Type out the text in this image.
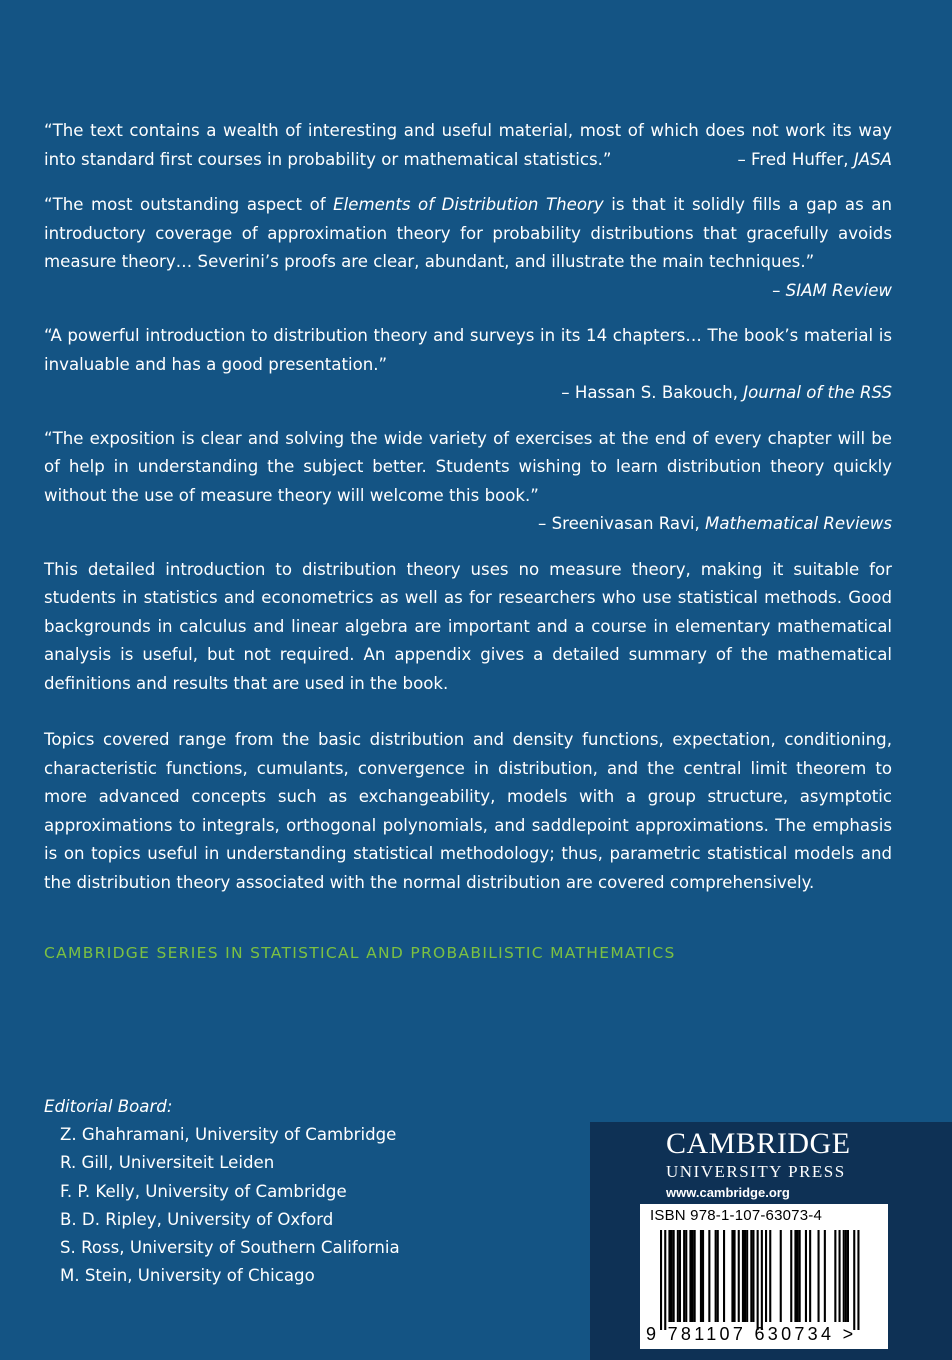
“The text contains a wealth of interesting and useful material, most of which does not work its way into standard first courses in probability or mathematical statistics.”	– Fred Huffer, JASA

“The most outstanding aspect of Elements of Distribution Theory is that it solidly fills a gap as an introductory coverage of approximation theory for probability distributions that gracefully avoids measure theory… Severini’s proofs are clear, abundant, and illustrate the main techniques.”
– SIAM Review

“A powerful introduction to distribution theory and surveys in its 14 chapters… The book’s material is invaluable and has a good presentation.”
– Hassan S. Bakouch, Journal of the RSS

“The exposition is clear and solving the wide variety of exercises at the end of every chapter will be of help in understanding the subject better. Students wishing to learn distribution theory quickly without the use of measure theory will welcome this book.”
– Sreenivasan Ravi, Mathematical Reviews

This detailed introduction to distribution theory uses no measure theory, making it suitable for students in statistics and econometrics as well as for researchers who use statistical methods. Good backgrounds in calculus and linear algebra are important and a course in elementary mathematical analysis is useful, but not required. An appendix gives a detailed summary of the mathematical definitions and results that are used in the book.

Topics covered range from the basic distribution and density functions, expectation, conditioning, characteristic functions, cumulants, convergence in distribution, and the central limit theorem to more advanced concepts such as exchangeability, models with a group structure, asymptotic approximations to integrals, orthogonal polynomials, and saddlepoint approximations. The emphasis is on topics useful in understanding statistical methodology; thus, parametric statistical models and the distribution theory associated with the normal distribution are covered comprehensively.

CAMBRIDGE SERIES IN STATISTICAL AND PROBABILISTIC MATHEMATICS
Editorial Board:
Z. Ghahramani, University of Cambridge
R. Gill, Universiteit Leiden
F. P. Kelly, University of Cambridge
B. D. Ripley, University of Oxford
S. Ross, University of Southern California
M. Stein, University of Chicago
CAMBRIDGE
UNIVERSITY PRESS
www.cambridge.org
ISBN 978-1-107-63073-4
9 781107 630734 >
